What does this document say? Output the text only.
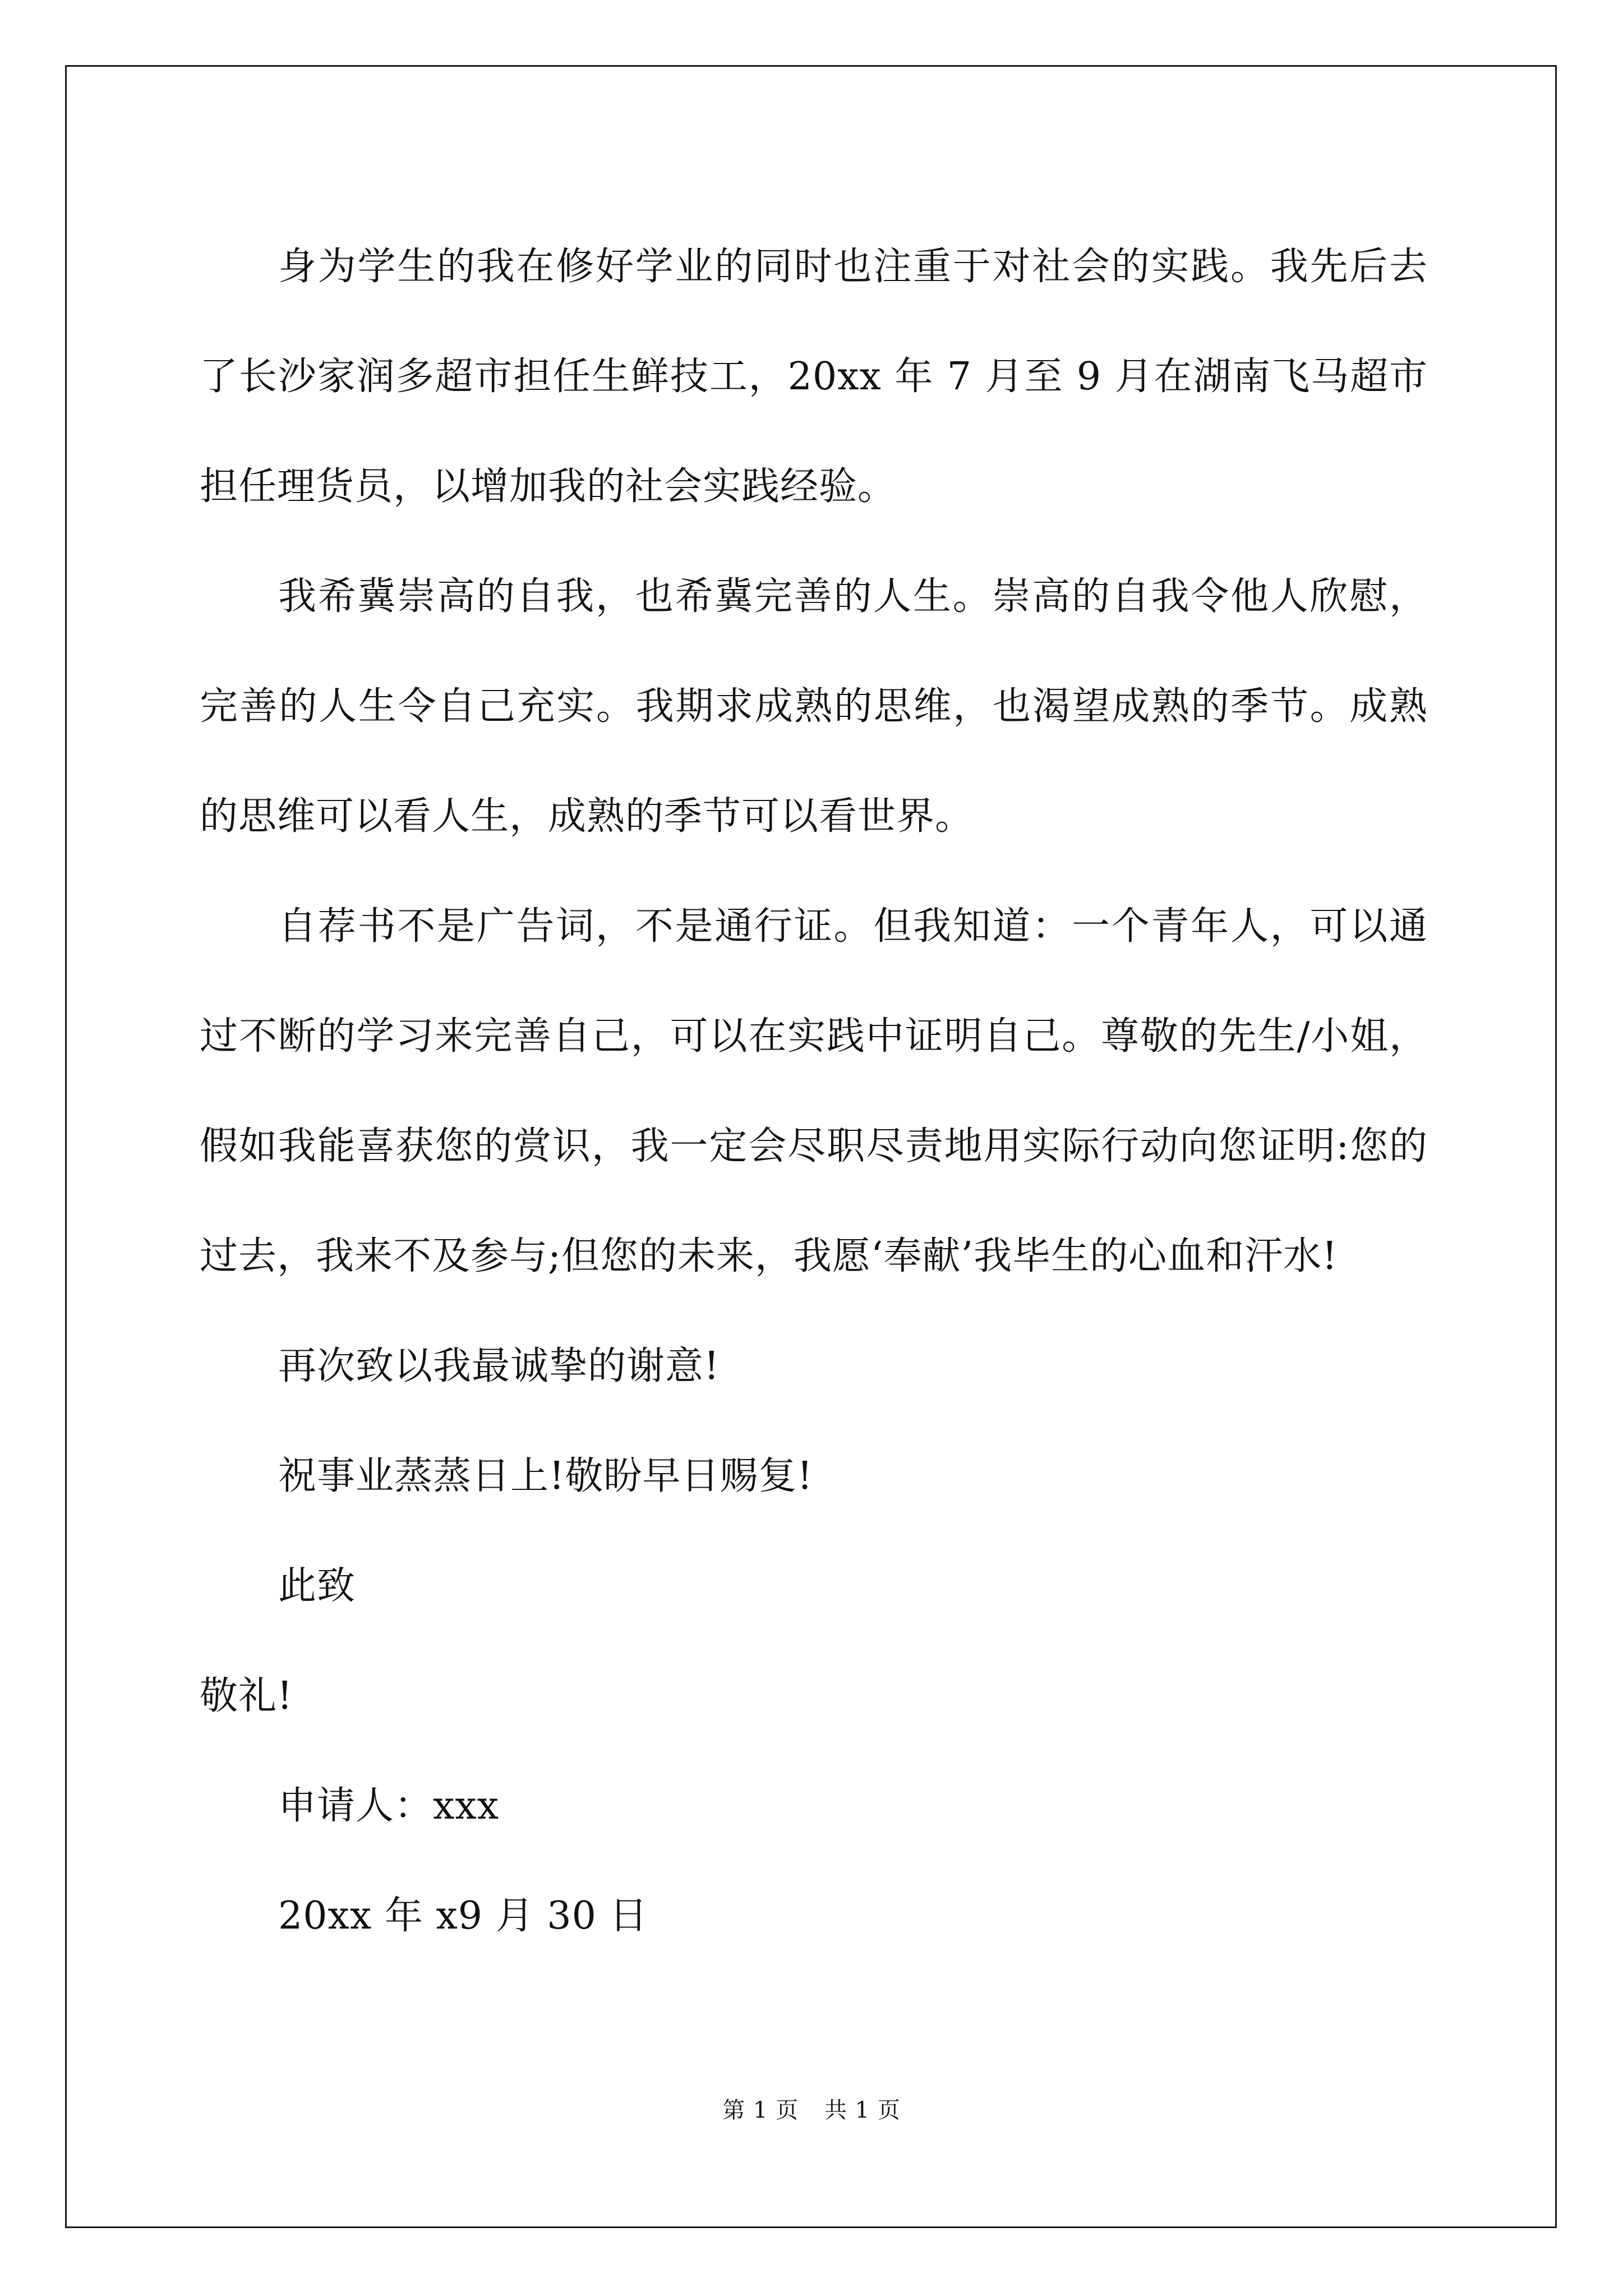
身为学生的我在修好学业的同时也注重于对社会的实践。我先后去了长沙家润多超市担任生鲜技工，20xx 年 7 月至 9 月在湖南飞马超市担任理货员，以增加我的社会实践经验。

我希冀崇高的自我，也希冀完善的人生。崇高的自我令他人欣慰，完善的人生令自己充实。我期求成熟的思维，也渴望成熟的季节。成熟的思维可以看人生，成熟的季节可以看世界。

自荐书不是广告词，不是通行证。但我知道：一个青年人，可以通过不断的学习来完善自己，可以在实践中证明自己。尊敬的先生/小姐，假如我能喜获您的赏识，我一定会尽职尽责地用实际行动向您证明:您的过去，我来不及参与;但您的未来，我愿‘奉献’我毕生的心血和汗水!

再次致以我最诚挚的谢意!

祝事业蒸蒸日上!敬盼早日赐复!

此致

敬礼!

申请人：xxx

20xx 年 x9 月 30 日

第 1 页 共 1 页
